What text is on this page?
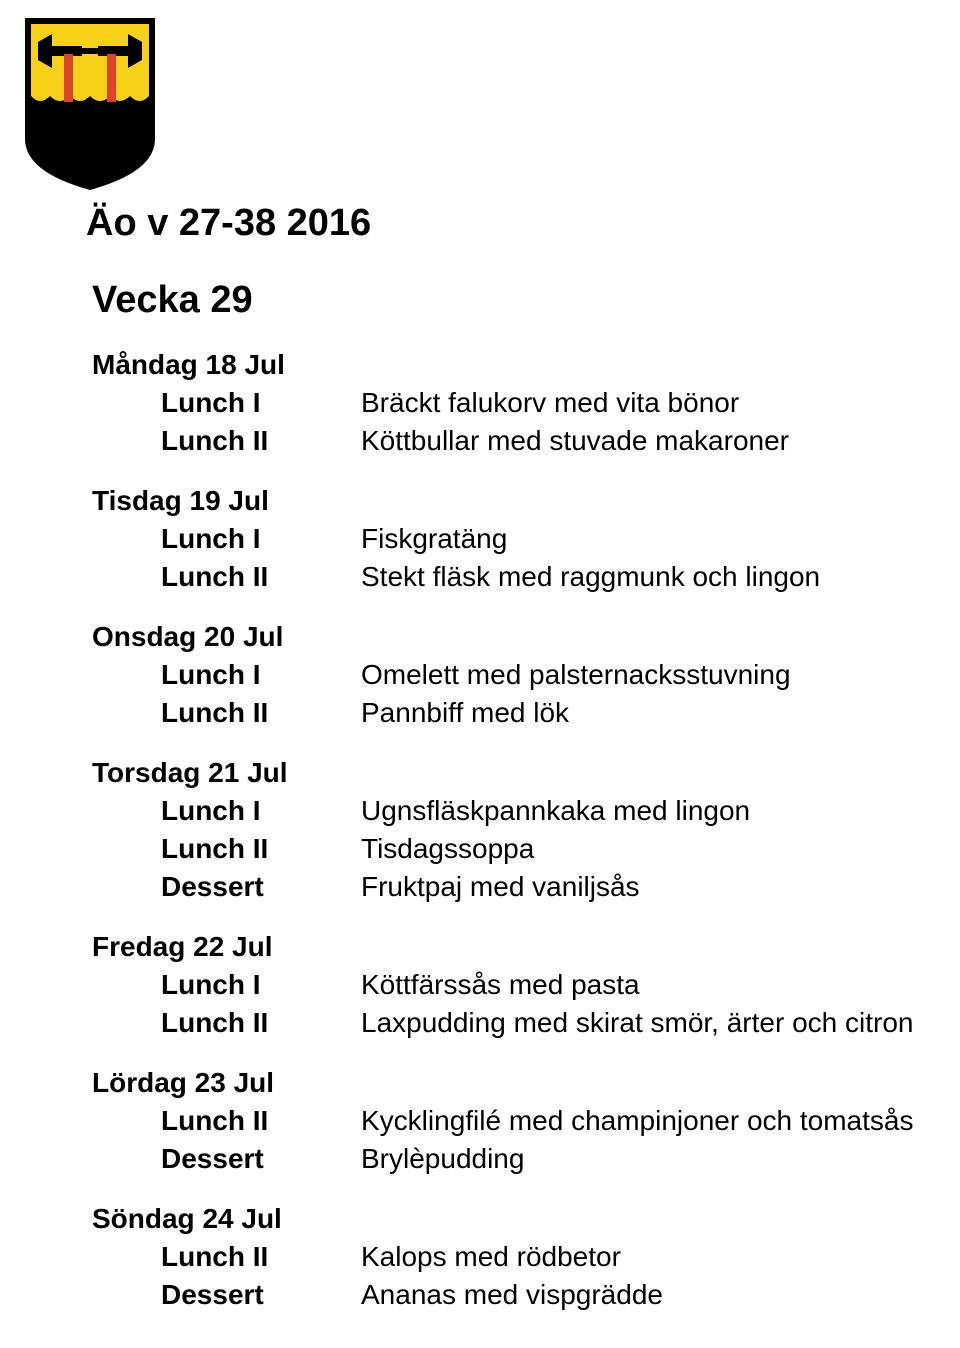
Äo v 27-38 2016
Vecka 29
Måndag 18 Jul
Lunch I	Bräckt falukorv med vita bönor
Lunch II	Köttbullar med stuvade makaroner
Tisdag 19 Jul
Lunch I	Fiskgratäng
Lunch II	Stekt fläsk med raggmunk och lingon
Onsdag 20 Jul
Lunch I	Omelett med palsternacksstuvning
Lunch II	Pannbiff med lök
Torsdag 21 Jul
Lunch I	Ugnsfläskpannkaka med lingon
Lunch II	Tisdagssoppa
Dessert	Fruktpaj med vaniljsås
Fredag 22 Jul
Lunch I	Köttfärssås med pasta
Lunch II	Laxpudding med skirat smör, ärter och citron
Lördag 23 Jul
Lunch II	Kycklingfilé med champinjoner och tomatsås
Dessert	Brylèpudding
Söndag 24 Jul
Lunch II	Kalops med rödbetor
Dessert	Ananas med vispgrädde
